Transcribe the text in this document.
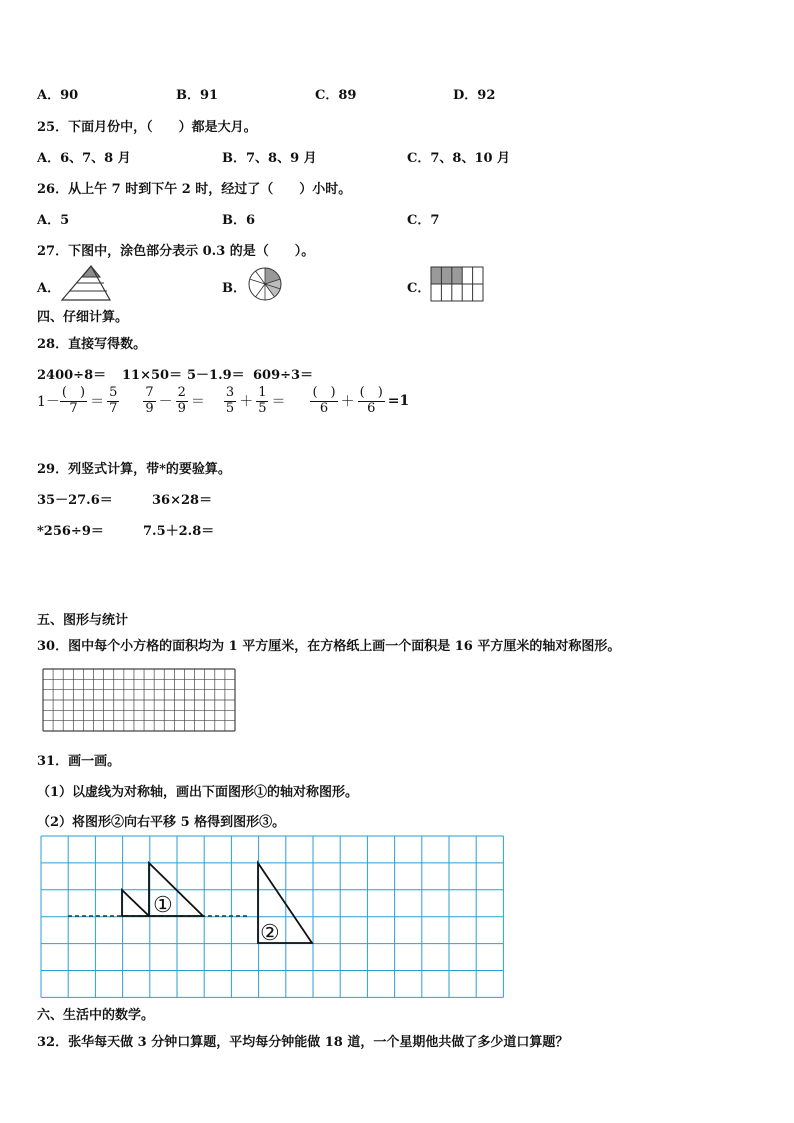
A．90	B．91	C．89	D．92
25．下面月份中，（　　）都是大月。
A．6、7、8 月	B．7、8、9 月	C．7、8、10 月
26．从上午 7 时到下午 2 时，经过了（　　）小时。
A．5	B．6	C．7
27．下图中，涂色部分表示 0.3 的是（　　）。
A．	B．	C．
四、仔细计算。
28．直接写得数。
2400÷8＝ 11×50＝ 5－1.9＝ 609÷3＝
$1- \frac{( )}{7} = \frac{5}{7} \frac{7}{9} - \frac{2}{9} = \frac{3}{5} + \frac{1}{5} = \frac{( )}{6} + \frac{( )}{6} =1$
29．列竖式计算，带*的要验算。
35－27.6＝	36×28＝
*256÷9＝	7.5＋2.8＝
五、图形与统计
30．图中每个小方格的面积均为 1 平方厘米，在方格纸上画一个面积是 16 平方厘米的轴对称图形。
31．画一画。
（1）以虚线为对称轴，画出下面图形①的轴对称图形。
（2）将图形②向右平移 5 格得到图形③。
①
②
六、生活中的数学。
32．张华每天做 3 分钟口算题，平均每分钟能做 18 道，一个星期他共做了多少道口算题？
